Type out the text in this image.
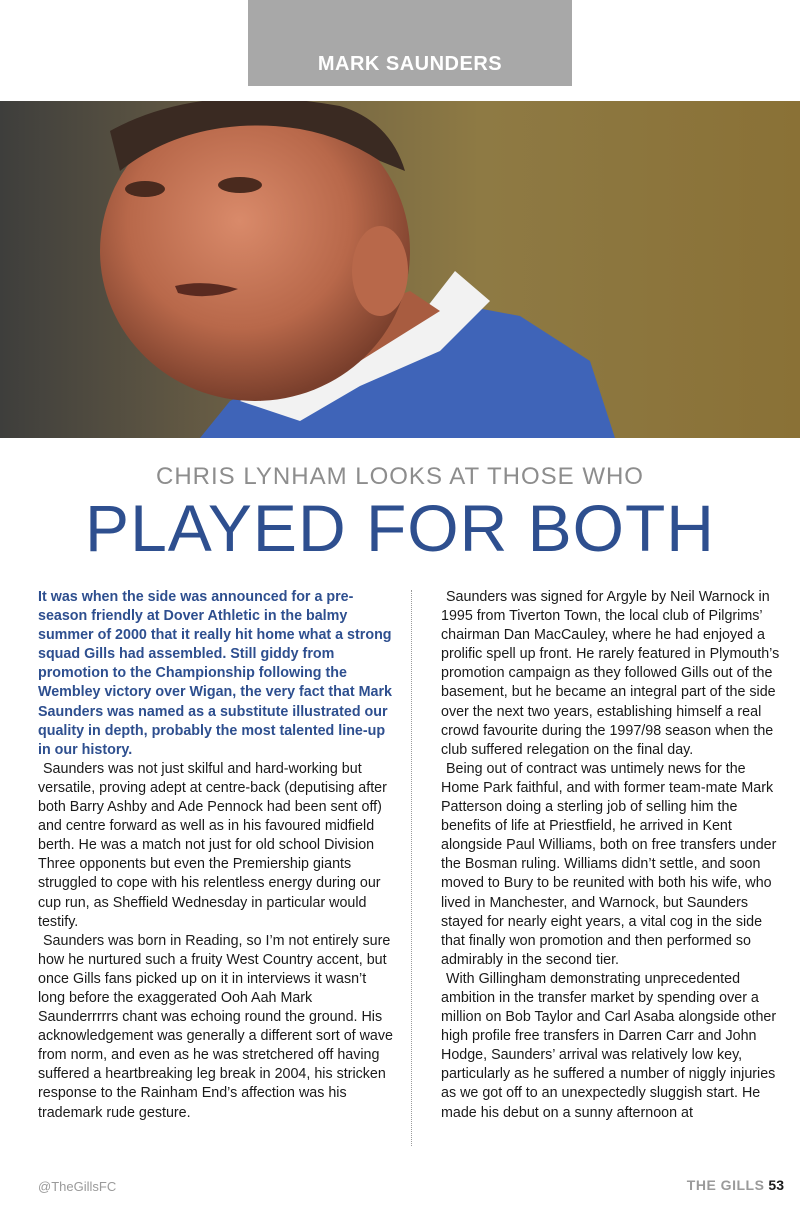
MARK SAUNDERS
CHRIS LYNHAM LOOKS AT THOSE WHO
PLAYED FOR BOTH

It was when the side was announced for a pre-season friendly at Dover Athletic in the balmy summer of 2000 that it really hit home what a strong squad Gills had assembled. Still giddy from promotion to the Championship following the Wembley victory over Wigan, the very fact that Mark Saunders was named as a substitute illustrated our quality in depth, probably the most talented line-up in our history.

Saunders was not just skilful and hard-working but versatile, proving adept at centre-back (deputising after both Barry Ashby and Ade Pennock had been sent off) and centre forward as well as in his favoured midfield berth. He was a match not just for old school Division Three opponents but even the Premiership giants struggled to cope with his relentless energy during our cup run, as Sheffield Wednesday in particular would testify.

Saunders was born in Reading, so I’m not entirely sure how he nurtured such a fruity West Country accent, but once Gills fans picked up on it in interviews it wasn’t long before the exaggerated Ooh Aah Mark Saunderrrrrs chant was echoing round the ground. His acknowledgement was generally a different sort of wave from norm, and even as he was stretchered off having suffered a heartbreaking leg break in 2004, his stricken response to the Rainham End’s affection was his trademark rude gesture.

Saunders was signed for Argyle by Neil Warnock in 1995 from Tiverton Town, the local club of Pilgrims’ chairman Dan MacCauley, where he had enjoyed a prolific spell up front. He rarely featured in Plymouth’s promotion campaign as they followed Gills out of the basement, but he became an integral part of the side over the next two years, establishing himself a real crowd favourite during the 1997/98 season when the club suffered relegation on the final day.

Being out of contract was untimely news for the Home Park faithful, and with former team-mate Mark Patterson doing a sterling job of selling him the benefits of life at Priestfield, he arrived in Kent alongside Paul Williams, both on free transfers under the Bosman ruling. Williams didn’t settle, and soon moved to Bury to be reunited with both his wife, who lived in Manchester, and Warnock, but Saunders stayed for nearly eight years, a vital cog in the side that finally won promotion and then performed so admirably in the second tier.

With Gillingham demonstrating unprecedented ambition in the transfer market by spending over a million on Bob Taylor and Carl Asaba alongside other high profile free transfers in Darren Carr and John Hodge, Saunders’ arrival was relatively low key, particularly as he suffered a number of niggly injuries as we got off to an unexpectedly sluggish start. He made his debut on a sunny afternoon at

@TheGillsFC	THE GILLS 53
